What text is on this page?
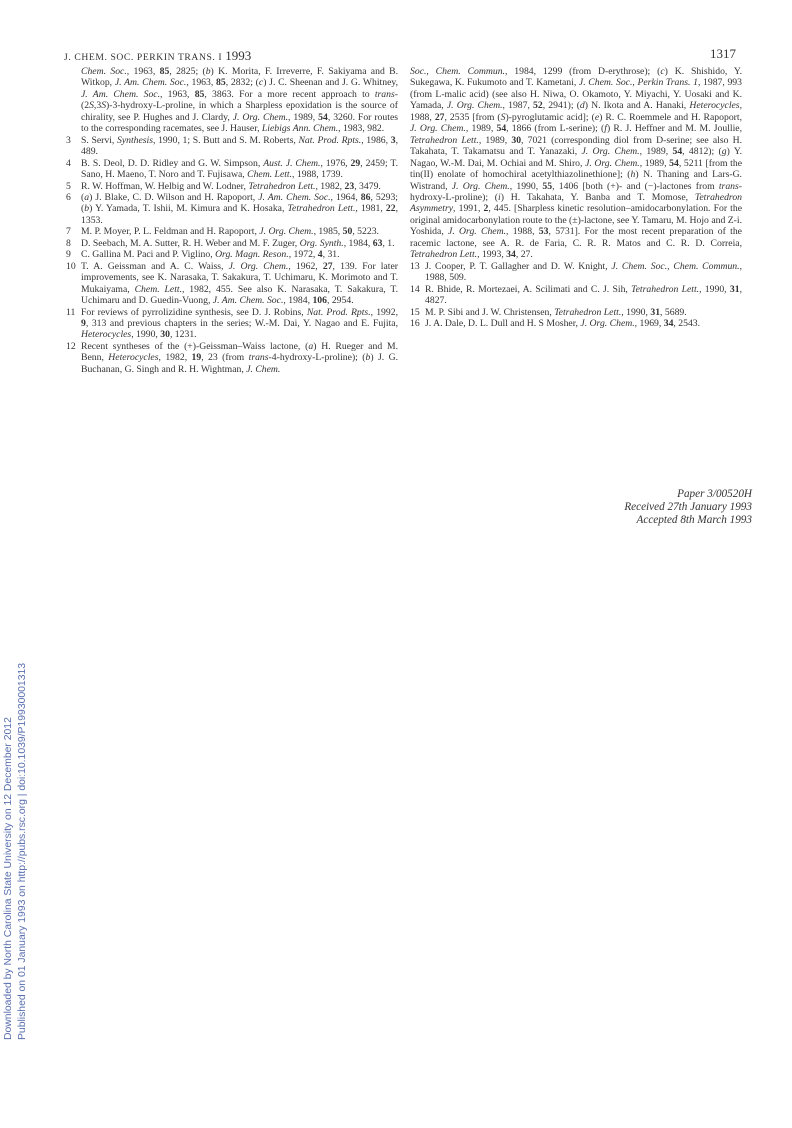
J. CHEM. SOC. PERKIN TRANS. I 1993	1317

Chem. Soc., 1963, 85, 2825; (b) K. Morita, F. Irreverre, F. Sakiyama and B. Witkop, J. Am. Chem. Soc., 1963, 85, 2832; (c) J. C. Sheenan and J. G. Whitney, J. Am. Chem. Soc., 1963, 85, 3863. For a more recent approach to trans-(2S,3S)-3-hydroxy-L-proline, in which a Sharpless epoxidation is the source of chirality, see P. Hughes and J. Clardy, J. Org. Chem., 1989, 54, 3260. For routes to the corresponding racemates, see J. Hauser, Liebigs Ann. Chem., 1983, 982.

3 S. Servi, Synthesis, 1990, 1; S. Butt and S. M. Roberts, Nat. Prod. Rpts., 1986, 3, 489.

4 B. S. Deol, D. D. Ridley and G. W. Simpson, Aust. J. Chem., 1976, 29, 2459; T. Sano, H. Maeno, T. Noro and T. Fujisawa, Chem. Lett., 1988, 1739.

5 R. W. Hoffman, W. Helbig and W. Lodner, Tetrahedron Lett., 1982, 23, 3479.

6 (a) J. Blake, C. D. Wilson and H. Rapoport, J. Am. Chem. Soc., 1964, 86, 5293; (b) Y. Yamada, T. Ishii, M. Kimura and K. Hosaka, Tetrahedron Lett., 1981, 22, 1353.

7 M. P. Moyer, P. L. Feldman and H. Rapoport, J. Org. Chem., 1985, 50, 5223.

8 D. Seebach, M. A. Sutter, R. H. Weber and M. F. Zuger, Org. Synth., 1984, 63, 1.

9 C. Gallina M. Paci and P. Viglino, Org. Magn. Reson., 1972, 4, 31.

10 T. A. Geissman and A. C. Waiss, J. Org. Chem., 1962, 27, 139. For later improvements, see K. Narasaka, T. Sakakura, T. Uchimaru, K. Morimoto and T. Mukaiyama, Chem. Lett., 1982, 455. See also K. Narasaka, T. Sakakura, T. Uchimaru and D. Guedin-Vuong, J. Am. Chem. Soc., 1984, 106, 2954.

11 For reviews of pyrrolizidine synthesis, see D. J. Robins, Nat. Prod. Rpts., 1992, 9, 313 and previous chapters in the series; W.-M. Dai, Y. Nagao and E. Fujita, Heterocycles, 1990, 30, 1231.

12 Recent syntheses of the (+)-Geissman–Waiss lactone, (a) H. Rueger and M. Benn, Heterocycles, 1982, 19, 23 (from trans-4-hydroxy-L-proline); (b) J. G. Buchanan, G. Singh and R. H. Wightman, J. Chem.

Soc., Chem. Commun., 1984, 1299 (from D-erythrose); (c) K. Shishido, Y. Sukegawa, K. Fukumoto and T. Kametani, J. Chem. Soc., Perkin Trans. 1, 1987, 993 (from L-malic acid) (see also H. Niwa, O. Okamoto, Y. Miyachi, Y. Uosaki and K. Yamada, J. Org. Chem., 1987, 52, 2941); (d) N. Ikota and A. Hanaki, Heterocycles, 1988, 27, 2535 [from (S)-pyroglutamic acid]; (e) R. C. Roemmele and H. Rapoport, J. Org. Chem., 1989, 54, 1866 (from L-serine); (f) R. J. Heffner and M. M. Joullie, Tetrahedron Lett., 1989, 30, 7021 (corresponding diol from D-serine; see also H. Takahata, T. Takamatsu and T. Yanazaki, J. Org. Chem., 1989, 54, 4812); (g) Y. Nagao, W.-M. Dai, M. Ochiai and M. Shiro, J. Org. Chem., 1989, 54, 5211 [from the tin(II) enolate of homochiral acetylthiazolinethione]; (h) N. Thaning and Lars-G. Wistrand, J. Org. Chem., 1990, 55, 1406 [both (+)- and (−)-lactones from trans-hydroxy-L-proline); (i) H. Takahata, Y. Banba and T. Momose, Tetrahedron Asymmetry, 1991, 2, 445. [Sharpless kinetic resolution–amidocarbonylation. For the original amidocarbonylation route to the (±)-lactone, see Y. Tamaru, M. Hojo and Z-i. Yoshida, J. Org. Chem., 1988, 53, 5731]. For the most recent preparation of the racemic lactone, see A. R. de Faria, C. R. R. Matos and C. R. D. Correia, Tetrahedron Lett., 1993, 34, 27.

13 J. Cooper, P. T. Gallagher and D. W. Knight, J. Chem. Soc., Chem. Commun., 1988, 509.

14 R. Bhide, R. Mortezaei, A. Scilimati and C. J. Sih, Tetrahedron Lett., 1990, 31, 4827.

15 M. P. Sibi and J. W. Christensen, Tetrahedron Lett., 1990, 31, 5689.

16 J. A. Dale, D. L. Dull and H. S Mosher, J. Org. Chem., 1969, 34, 2543.

Paper 3/00520H
Received 27th January 1993
Accepted 8th March 1993
Downloaded by North Carolina State University on 12 December 2012 Published on 01 January 1993 on http://pubs.rsc.org | doi:10.1039/P19930001313
